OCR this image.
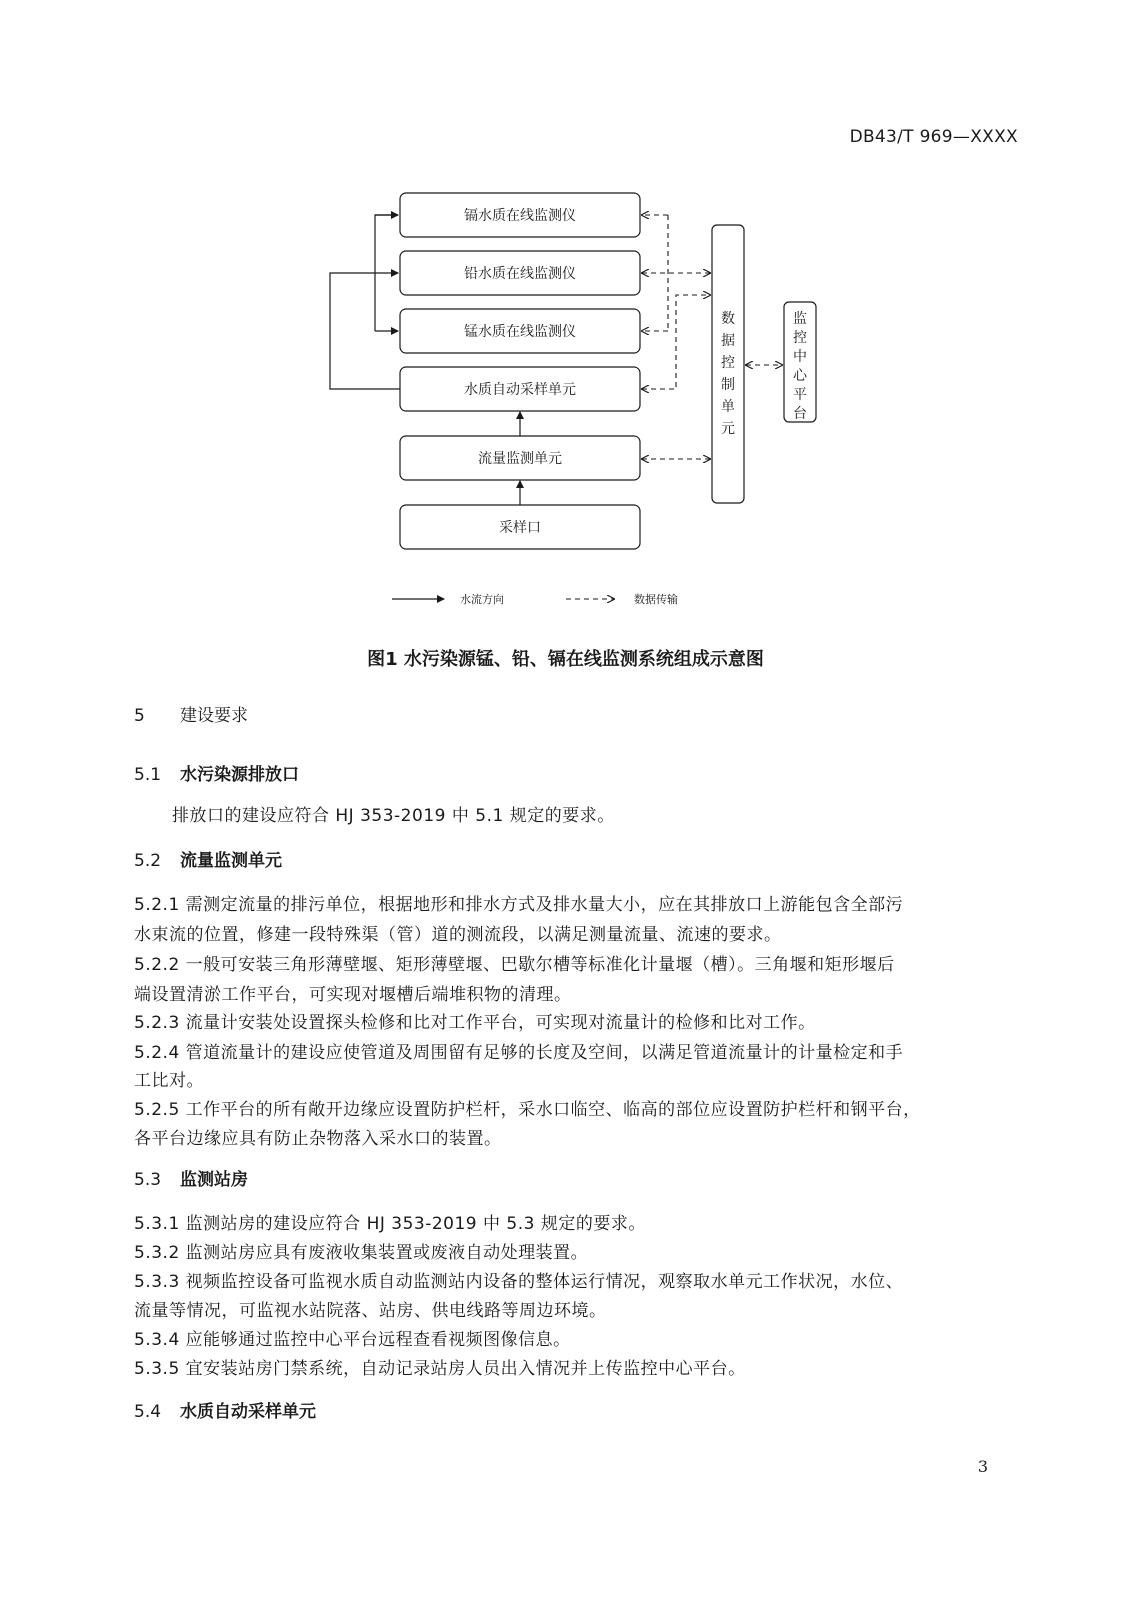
DB43/T 969—XXXX
镉水质在线监测仪
铅水质在线监测仪
锰水质在线监测仪
水质自动采样单元
流量监测单元
采样口
数据控制单元
监控中心平台
水流方向	数据传输
图1 水污染源锰、铅、镉在线监测系统组成示意图
5 建设要求
5.1 水污染源排放口
排放口的建设应符合 HJ 353-2019 中 5.1 规定的要求。
5.2 流量监测单元
5.2.1 需测定流量的排污单位，根据地形和排水方式及排水量大小，应在其排放口上游能包含全部污
水束流的位置，修建一段特殊渠（管）道的测流段，以满足测量流量、流速的要求。
5.2.2 一般可安装三角形薄壁堰、矩形薄壁堰、巴歇尔槽等标准化计量堰（槽）。三角堰和矩形堰后
端设置清淤工作平台，可实现对堰槽后端堆积物的清理。
5.2.3 流量计安装处设置探头检修和比对工作平台，可实现对流量计的检修和比对工作。
5.2.4 管道流量计的建设应使管道及周围留有足够的长度及空间，以满足管道流量计的计量检定和手
工比对。
5.2.5 工作平台的所有敞开边缘应设置防护栏杆，采水口临空、临高的部位应设置防护栏杆和钢平台，
各平台边缘应具有防止杂物落入采水口的装置。
5.3 监测站房
5.3.1 监测站房的建设应符合 HJ 353-2019 中 5.3 规定的要求。
5.3.2 监测站房应具有废液收集装置或废液自动处理装置。
5.3.3 视频监控设备可监视水质自动监测站内设备的整体运行情况，观察取水单元工作状况，水位、
流量等情况，可监视水站院落、站房、供电线路等周边环境。
5.3.4 应能够通过监控中心平台远程查看视频图像信息。
5.3.5 宜安装站房门禁系统，自动记录站房人员出入情况并上传监控中心平台。
5.4 水质自动采样单元
3
